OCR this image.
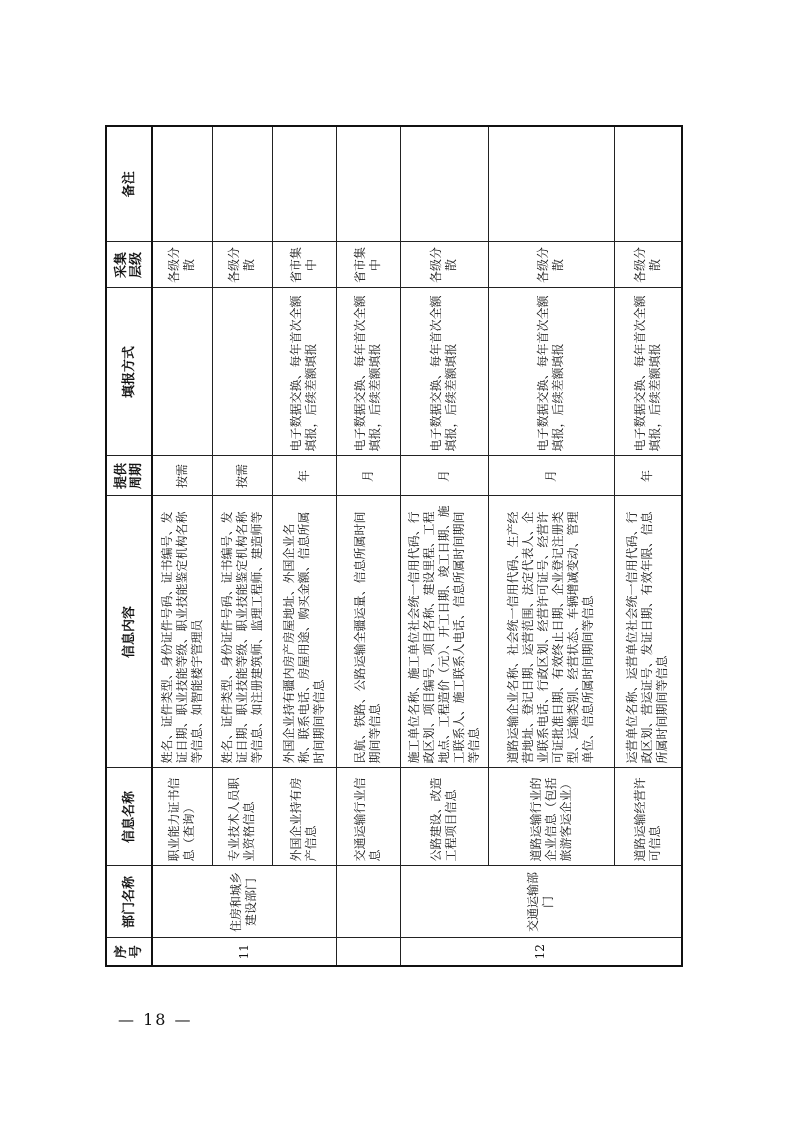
序号	部门名称	信息名称	信息内容	提供周期	填报方式	采集层级	备注
11	住房和城乡建设部门	职业能力证书信息（查询）	姓名、证件类型、身份证件号码、证书编号、发证日期、职业技能等级、职业技能鉴定机构名称等信息、如智能楼宇管理员	按需		各级分散	
		专业技术人员职业资格信息	姓名、证件类型、身份证件号码、证书编号、发证日期、职业技能等级、职业技能鉴定机构名称等信息、如注册建筑师、监理工程师、建造师等	按需		各级分散	
		外国企业持有房产信息	外国企业持有疆内房产房屋地址、外国企业名称、联系电话、房屋用途、购买金额、信息所属时间期间等信息	年	电子数据交换、每年首次全额填报，后续差额填报	省市集中	
		交通运输行业信息	民航、铁路、公路运输全疆运量、信息所属时间期间等信息	月	电子数据交换、每年首次全额填报，后续差额填报	省市集中	
12	交通运输部门	公路建设、改造工程项目信息	施工单位名称、施工单位社会统一信用代码、行政区划、项目编号、项目名称、建设里程、工程地点、工程造价（元）、开工日期、竣工日期、施工联系人、施工联系人电话、信息所属时间期间等信息	月	电子数据交换、每年首次全额填报，后续差额填报	各级分散	
		道路运输行业的企业信息（包括旅游客运企业）	道路运输企业名称、社会统一信用代码、生产经营地址、登记日期、运营范围、法定代表人、企业联系电话、行政区划、经营许可证号、经营许可证批准日期、有效终止日期、企业登记注册类型、运输类别、经营状态、车辆增减变动、管理单位、信息所属时间期间等信息	月	电子数据交换、每年首次全额填报，后续差额填报	各级分散	
		道路运输经营许可信息	运营单位名称、运营单位社会统一信用代码、行政区划、营运证号、发证日期、有效年限、信息所属时间期间等信息	年	电子数据交换、每年首次全额填报，后续差额填报	各级分散	
— 18 —
